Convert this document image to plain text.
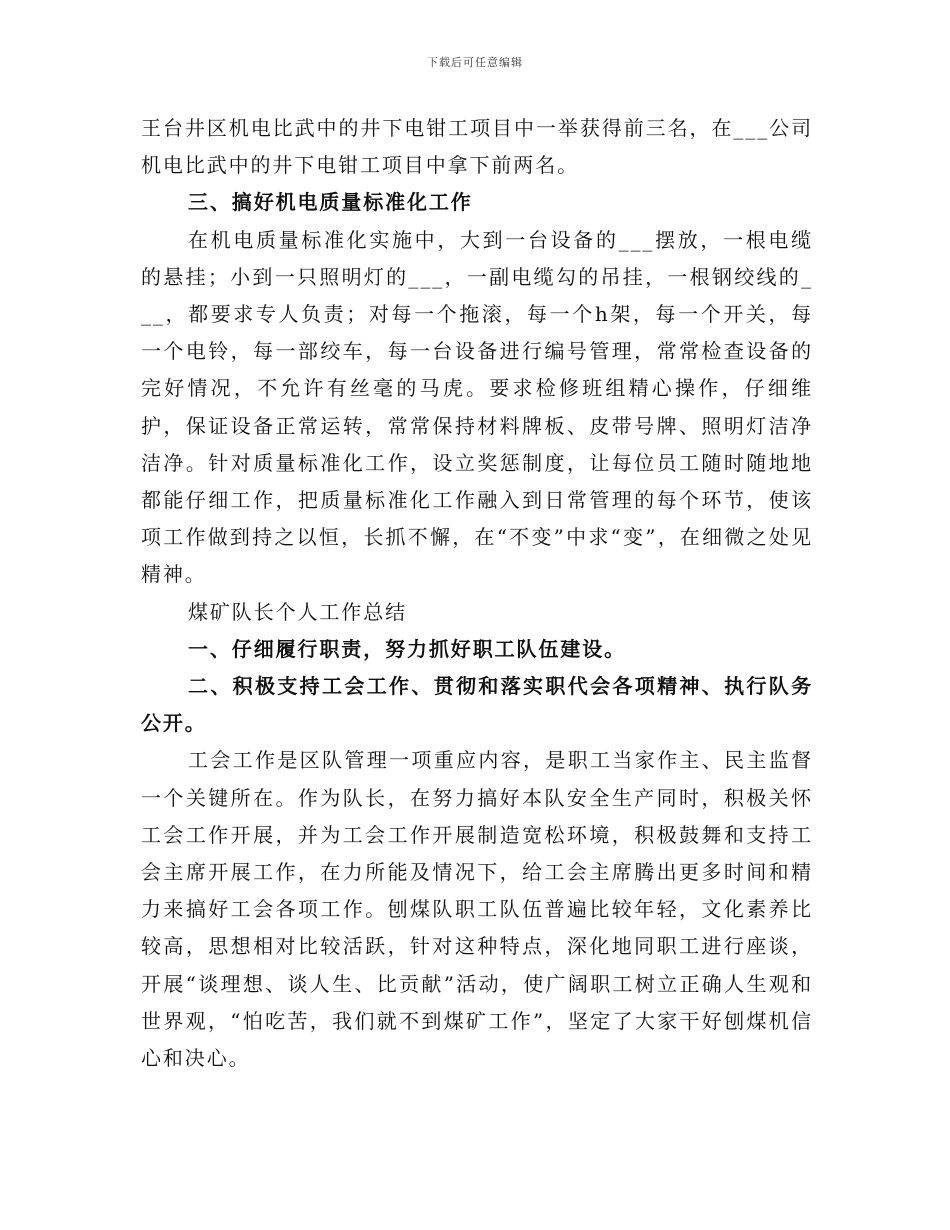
下载后可任意编辑

王台井区机电比武中的井下电钳工项目中一举获得前三名，在___公司机电比武中的井下电钳工项目中拿下前两名。

三、搞好机电质量标准化工作

在机电质量标准化实施中，大到一台设备的___摆放，一根电缆的悬挂；小到一只照明灯的___，一副电缆勾的吊挂，一根钢绞线的___，都要求专人负责；对每一个拖滚，每一个h架，每一个开关，每一个电铃，每一部绞车，每一台设备进行编号管理，常常检查设备的完好情况，不允许有丝毫的马虎。要求检修班组精心操作，仔细维护，保证设备正常运转，常常保持材料牌板、皮带号牌、照明灯洁净洁净。针对质量标准化工作，设立奖惩制度，让每位员工随时随地地都能仔细工作，把质量标准化工作融入到日常管理的每个环节，使该项工作做到持之以恒，长抓不懈，在“不变”中求“变”，在细微之处见精神。

煤矿队长个人工作总结

一、仔细履行职责，努力抓好职工队伍建设。

二、积极支持工会工作、贯彻和落实职代会各项精神、执行队务公开。

工会工作是区队管理一项重应内容，是职工当家作主、民主监督一个关键所在。作为队长，在努力搞好本队安全生产同时，积极关怀工会工作开展，并为工会工作开展制造宽松环境，积极鼓舞和支持工会主席开展工作，在力所能及情况下，给工会主席腾出更多时间和精力来搞好工会各项工作。刨煤队职工队伍普遍比较年轻，文化素养比较高，思想相对比较活跃，针对这种特点，深化地同职工进行座谈，开展“谈理想、谈人生、比贡献”活动，使广阔职工树立正确人生观和世界观，“怕吃苦，我们就不到煤矿工作”，坚定了大家干好刨煤机信心和决心。
